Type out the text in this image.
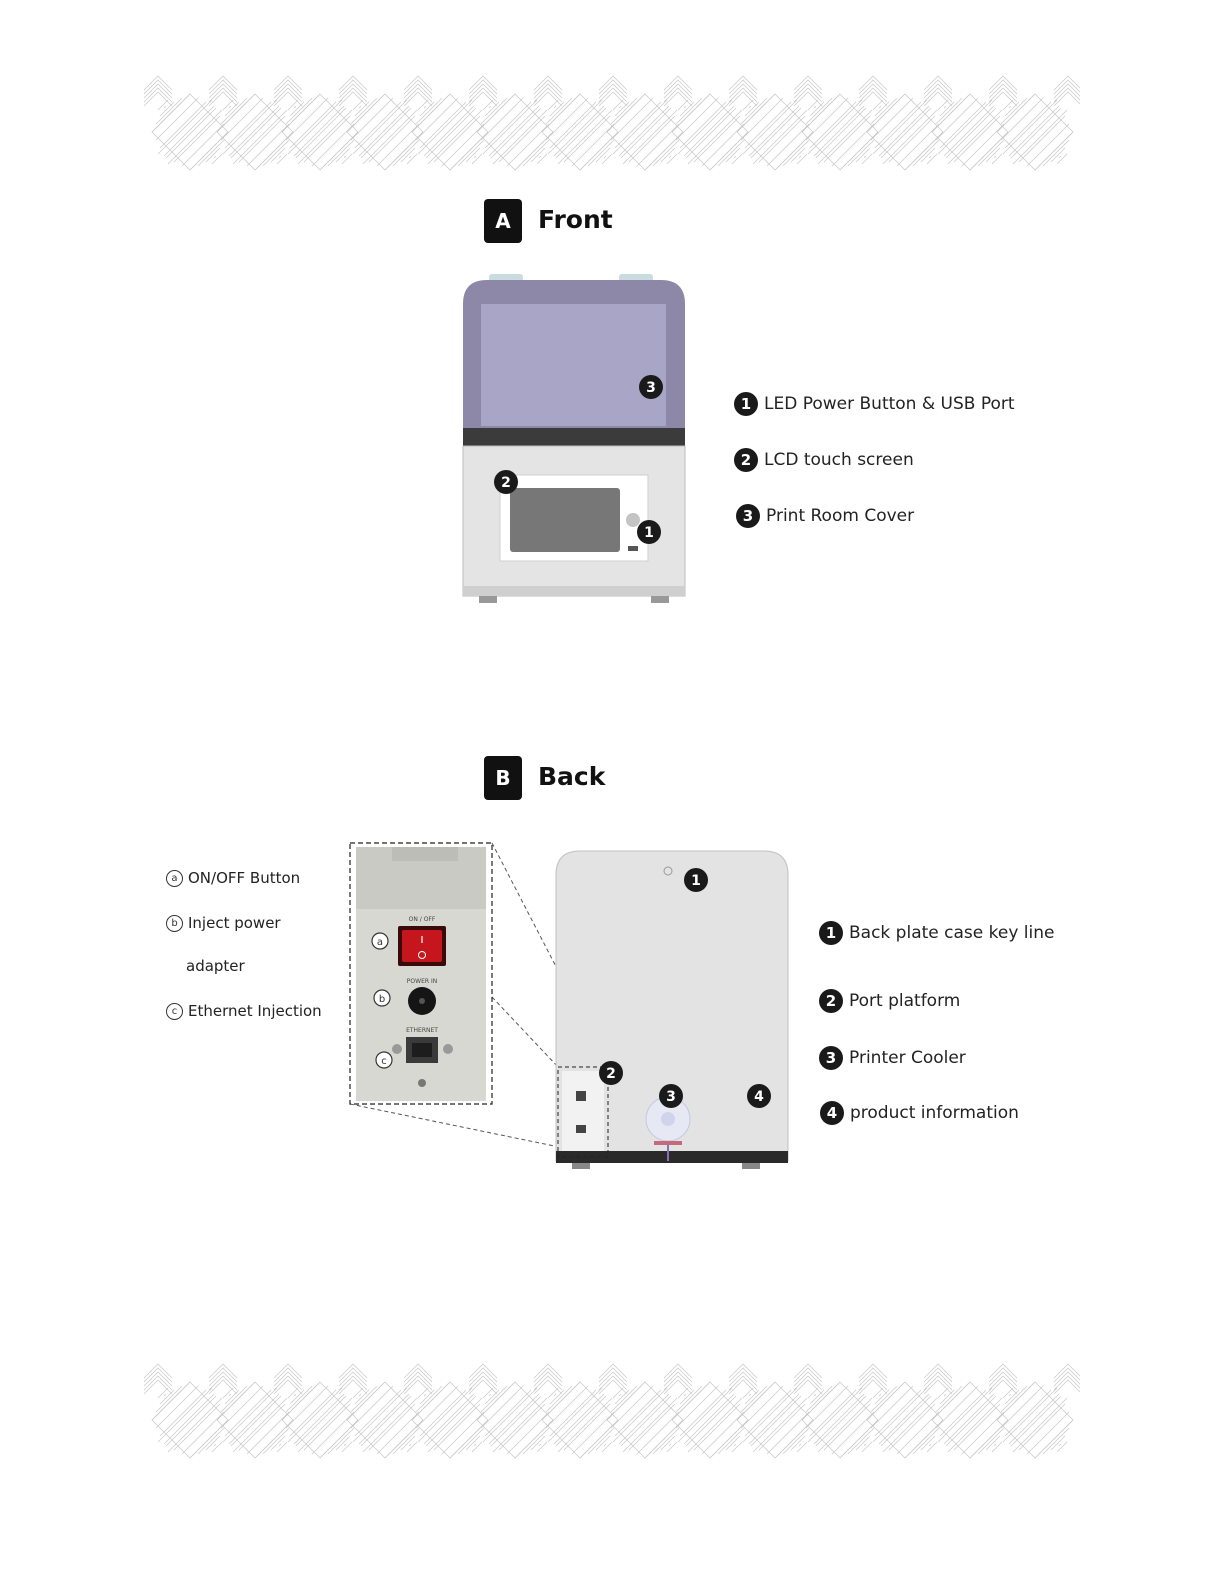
A	Front
3
2
1
1 LED Power Button & USB Port
2 LCD touch screen
3 Print Room Cover
B	Back
a ON/OFF Button
b Inject power
adapter
c Ethernet Injection
ON / OFF
POWER IN
ETHERNET
a
b
c
1
2
3	4
1 Back plate case key line
2 Port platform
3 Printer Cooler
4 product information
